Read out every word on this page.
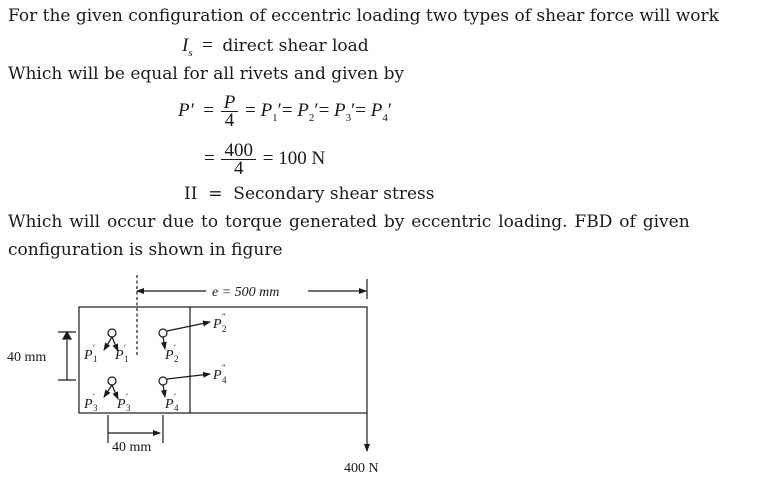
For the given configuration of eccentric loading two types of shear force will work
$I_s$  =  direct shear load
Which will be equal for all rivets and given by
$P' = \frac{P}{4} = P_1'= P_2'= P_3'= P_4'$
= $\frac{400}{4} = 100$ N
II  =  Secondary shear stress
Which will occur due to torque generated by eccentric loading. FBD of given
configuration is shown in figure
e = 500 mm
40 mm
40 mm
400 N
P 1
′ P 1
′	P 2
′
P 3
′ P 3
′	P 4
′
P 2
″
P 4
″
